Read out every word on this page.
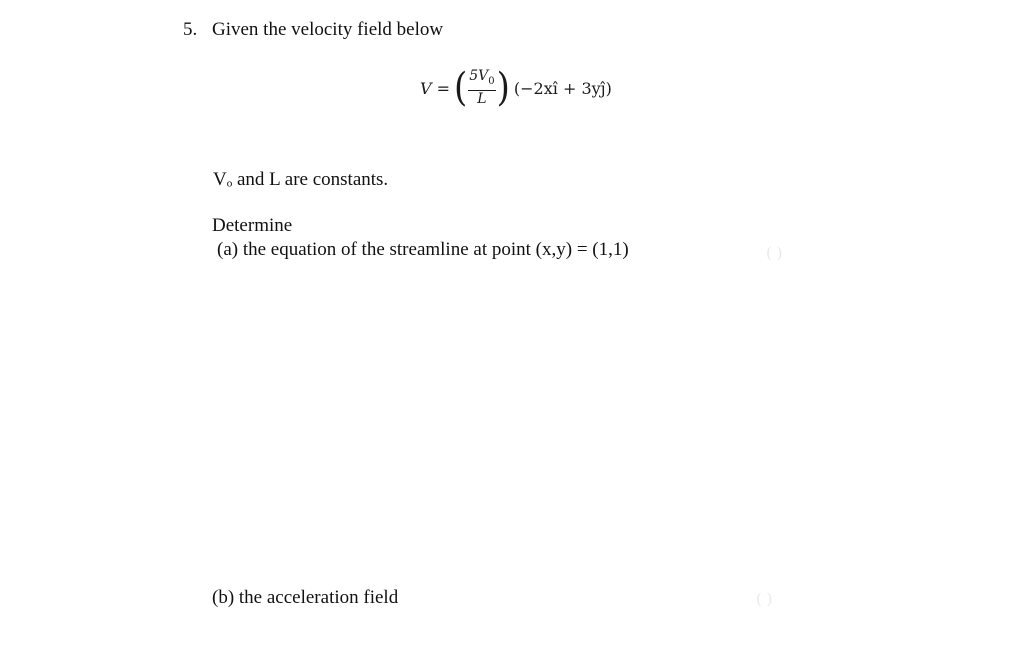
5. Given the velocity field below
V = ( $\frac{5V_0}{L}$ ) (−2xî + 3yĵ)
Vₒ and L are constants.
Determine
(a) the equation of the streamline at point (x,y) = (1,1)	( )
(b) the acceleration field	( )
